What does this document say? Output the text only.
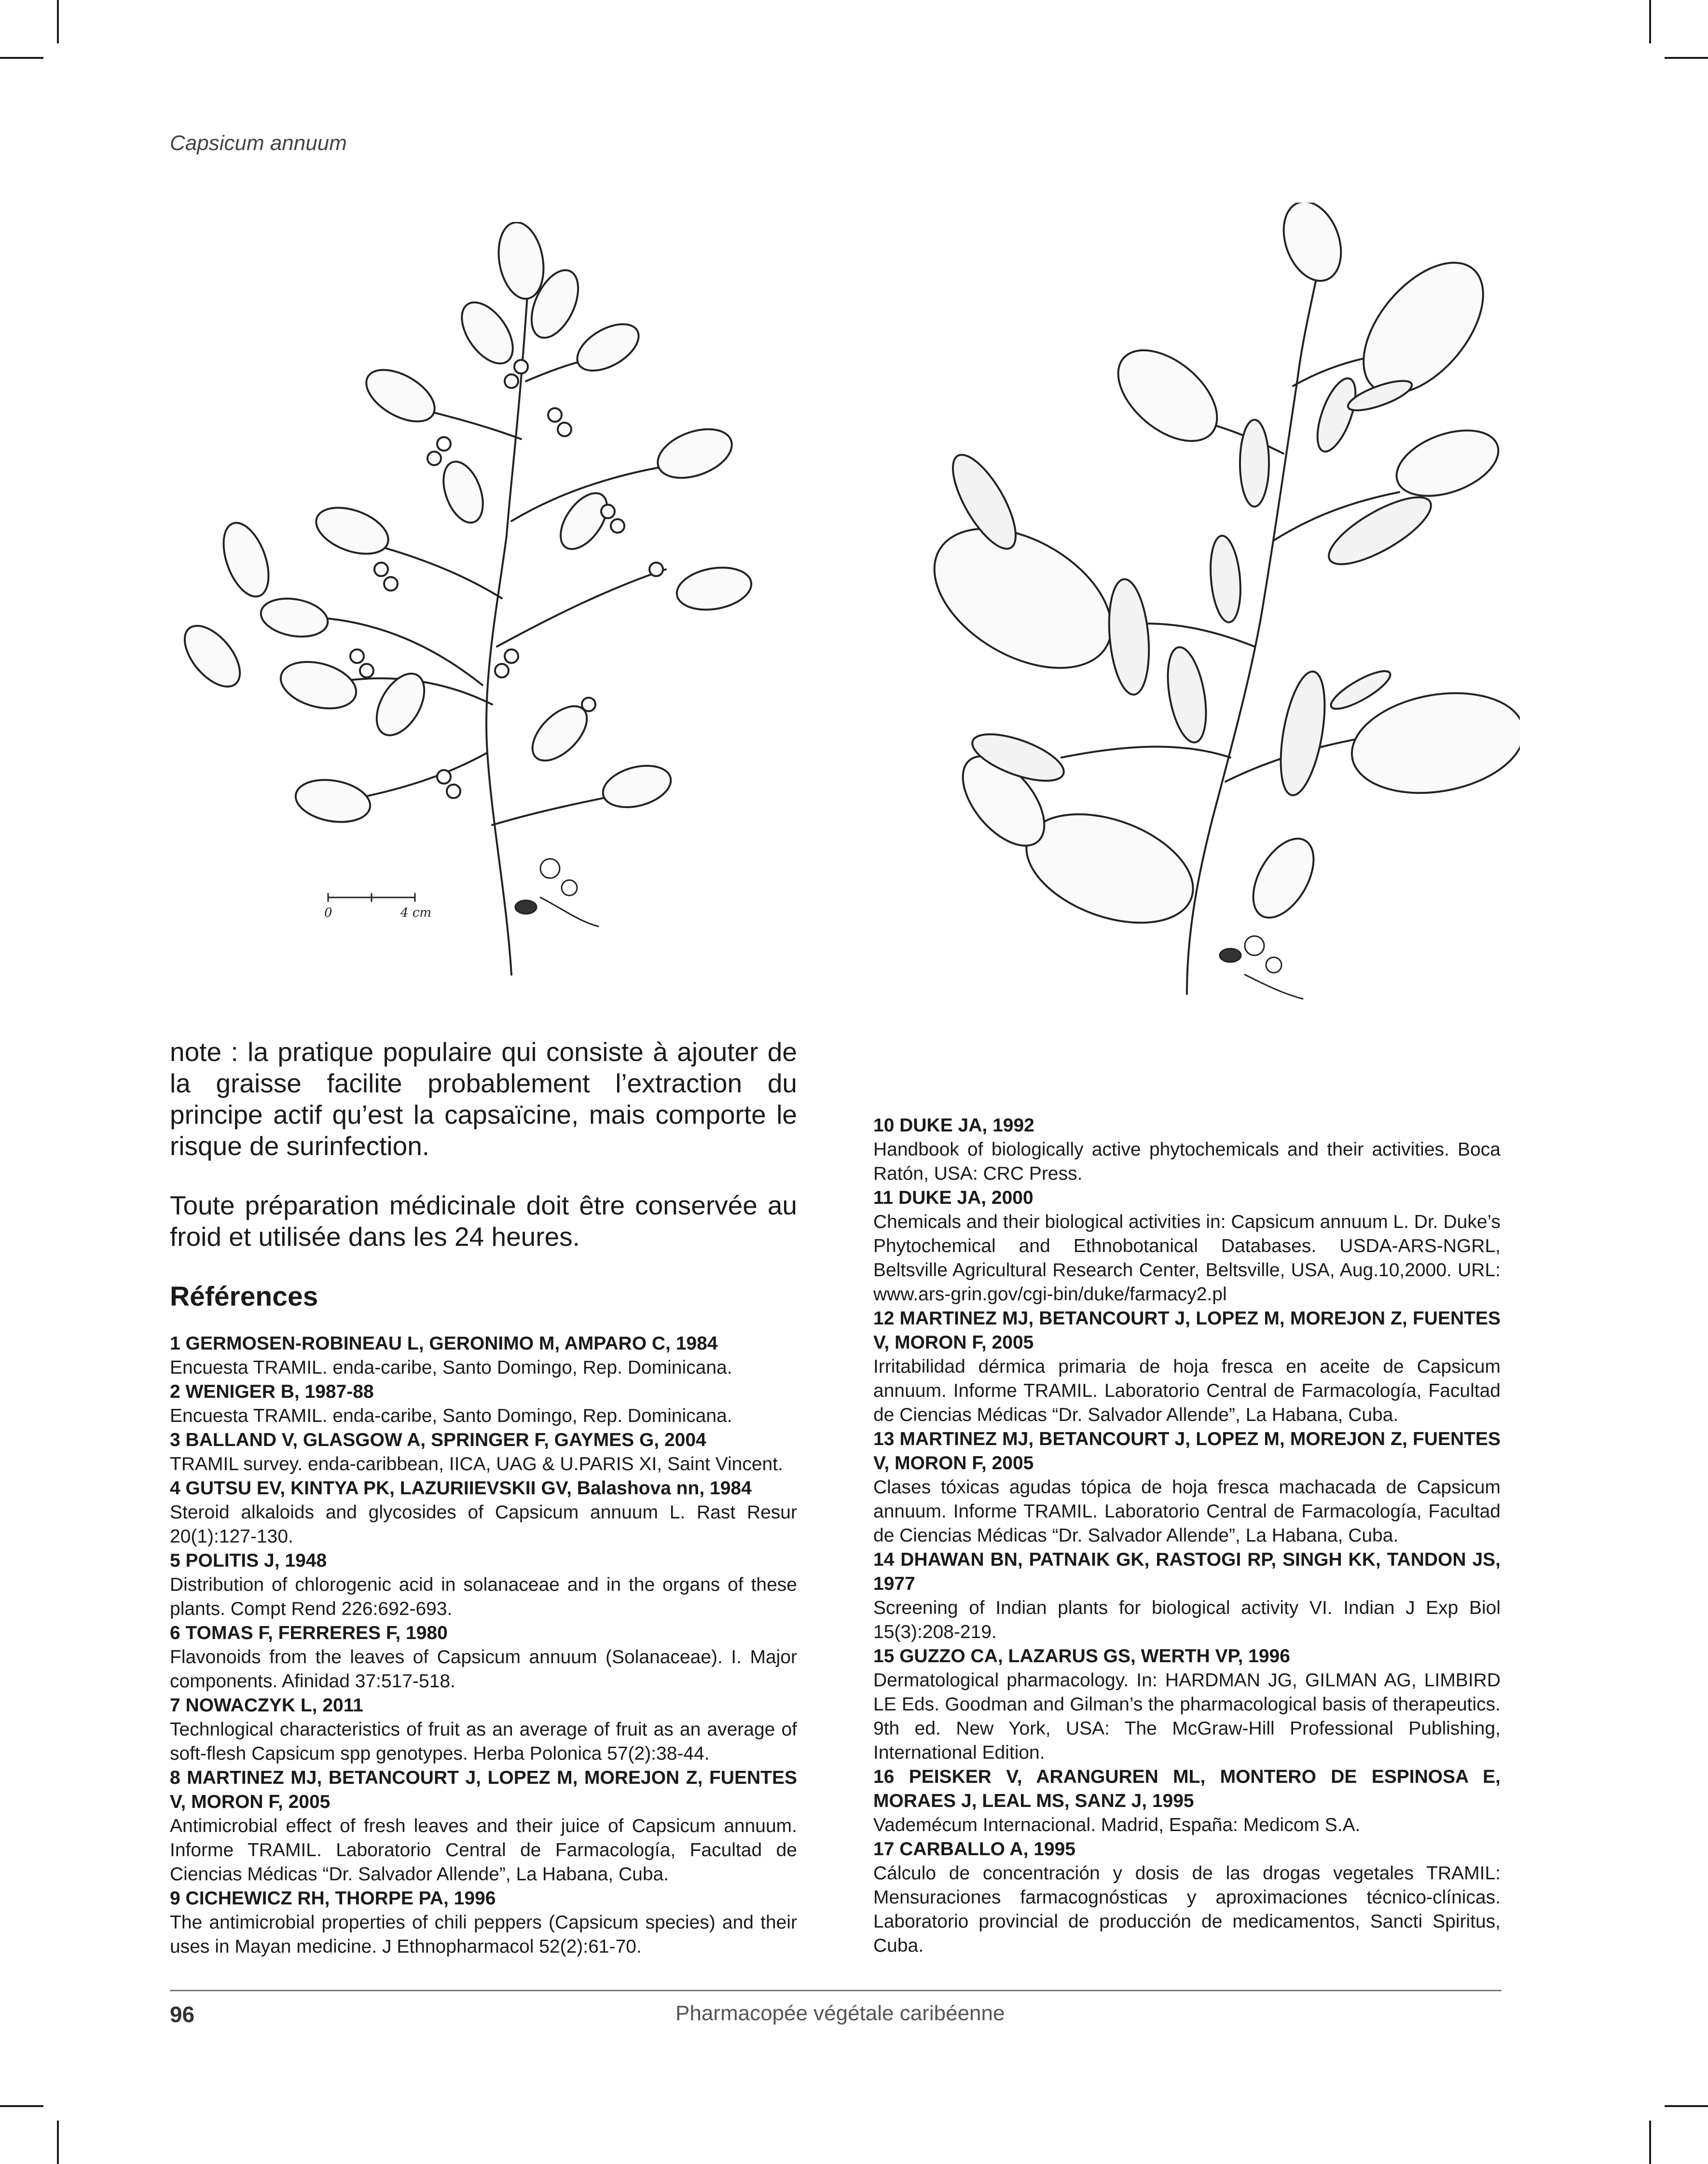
Capsicum annuum
0	4 cm

note : la pratique populaire qui consiste à ajouter de la graisse facilite probablement l’extraction du principe actif qu’est la capsaïcine, mais comporte le risque de surinfection.

Toute préparation médicinale doit être conservée au froid et utilisée dans les 24 heures.

Références
1 GERMOSEN-ROBINEAU L, GERONIMO M, AMPARO C, 1984
Encuesta TRAMIL. enda-caribe, Santo Domingo, Rep. Dominicana.
2 WENIGER B, 1987-88
Encuesta TRAMIL. enda-caribe, Santo Domingo, Rep. Dominicana.
3 BALLAND V, GLASGOW A, SPRINGER F, GAYMES G, 2004
TRAMIL survey. enda-caribbean, IICA, UAG & U.PARIS XI, Saint Vincent.
4 GUTSU EV, KINTYA PK, LAZURIIEVSKII GV, Balashova nn, 1984
Steroid alkaloids and glycosides of Capsicum annuum L. Rast Resur 20(1):127-130.
5 POLITIS J, 1948
Distribution of chlorogenic acid in solanaceae and in the organs of these plants. Compt Rend 226:692-693.
6 TOMAS F, FERRERES F, 1980
Flavonoids from the leaves of Capsicum annuum (Solanaceae). I. Major components. Afinidad 37:517-518.
7 NOWACZYK L, 2011
Technlogical characteristics of fruit as an average of fruit as an average of soft-flesh Capsicum spp genotypes. Herba Polonica 57(2):38-44.
8 MARTINEZ MJ, BETANCOURT J, LOPEZ M, MOREJON Z, FUENTES V, MORON F, 2005
Antimicrobial effect of fresh leaves and their juice of Capsicum annuum. Informe TRAMIL. Laboratorio Central de Farmacología, Facultad de Ciencias Médicas “Dr. Salvador Allende”, La Habana, Cuba.
9 CICHEWICZ RH, THORPE PA, 1996
The antimicrobial properties of chili peppers (Capsicum species) and their uses in Mayan medicine. J Ethnopharmacol 52(2):61-70.
10 DUKE JA, 1992
Handbook of biologically active phytochemicals and their activities. Boca Ratón, USA: CRC Press.
11 DUKE JA, 2000
Chemicals and their biological activities in: Capsicum annuum L. Dr. Duke’s Phytochemical and Ethnobotanical Databases. USDA-ARS-NGRL, Beltsville Agricultural Research Center, Beltsville, USA, Aug.10,2000. URL: www.ars-grin.gov/cgi-bin/duke/farmacy2.pl
12 MARTINEZ MJ, BETANCOURT J, LOPEZ M, MOREJON Z, FUENTES V, MORON F, 2005
Irritabilidad dérmica primaria de hoja fresca en aceite de Capsicum annuum. Informe TRAMIL. Laboratorio Central de Farmacología, Facultad de Ciencias Médicas “Dr. Salvador Allende”, La Habana, Cuba.
13 MARTINEZ MJ, BETANCOURT J, LOPEZ M, MOREJON Z, FUENTES V, MORON F, 2005
Clases tóxicas agudas tópica de hoja fresca machacada de Capsicum annuum. Informe TRAMIL. Laboratorio Central de Farmacología, Facultad de Ciencias Médicas “Dr. Salvador Allende”, La Habana, Cuba.
14 DHAWAN BN, PATNAIK GK, RASTOGI RP, SINGH KK, TANDON JS, 1977
Screening of Indian plants for biological activity VI. Indian J Exp Biol 15(3):208-219.
15 GUZZO CA, LAZARUS GS, WERTH VP, 1996
Dermatological pharmacology. In: HARDMAN JG, GILMAN AG, LIMBIRD LE Eds. Goodman and Gilman’s the pharmacological basis of therapeutics. 9th ed. New York, USA: The McGraw-Hill Professional Publishing, International Edition.
16 PEISKER V, ARANGUREN ML, MONTERO DE ESPINOSA E, MORAES J, LEAL MS, SANZ J, 1995
Vademécum Internacional. Madrid, España: Medicom S.A.
17 CARBALLO A, 1995
Cálculo de concentración y dosis de las drogas vegetales TRAMIL: Mensuraciones farmacognósticas y aproximaciones técnico-clínicas. Laboratorio provincial de producción de medicamentos, Sancti Spiritus, Cuba.
96	Pharmacopée végétale caribéenne
